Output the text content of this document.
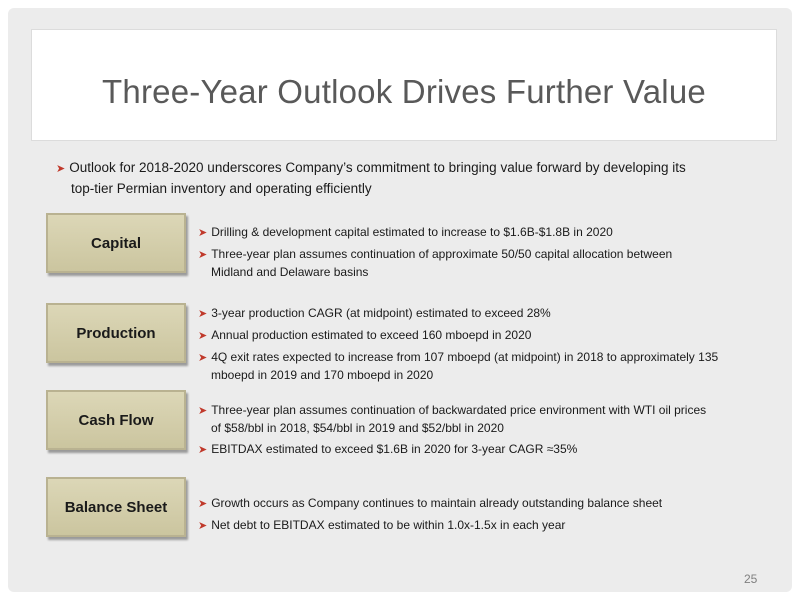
Three-Year Outlook Drives Further Value
➤ Outlook for 2018-2020 underscores Company’s commitment to bringing value forward by developing its
top-tier Permian inventory and operating efficiently
Capital
➤ Drilling & development capital estimated to increase to $1.6B-$1.8B in 2020
➤ Three-year plan assumes continuation of approximate 50/50 capital allocation between
Midland and Delaware basins
Production
➤ 3-year production CAGR (at midpoint) estimated to exceed 28%
➤ Annual production estimated to exceed 160 mboepd in 2020
➤ 4Q exit rates expected to increase from 107 mboepd (at midpoint) in 2018 to approximately 135
mboepd in 2019 and 170 mboepd in 2020
Cash Flow
➤ Three-year plan assumes continuation of backwardated price environment with WTI oil prices
of $58/bbl in 2018, $54/bbl in 2019 and $52/bbl in 2020
➤ EBITDAX estimated to exceed $1.6B in 2020 for 3-year CAGR ≈35%
Balance Sheet	➤ Growth occurs as Company continues to maintain already outstanding balance sheet
➤ Net debt to EBITDAX estimated to be within 1.0x-1.5x in each year
25
